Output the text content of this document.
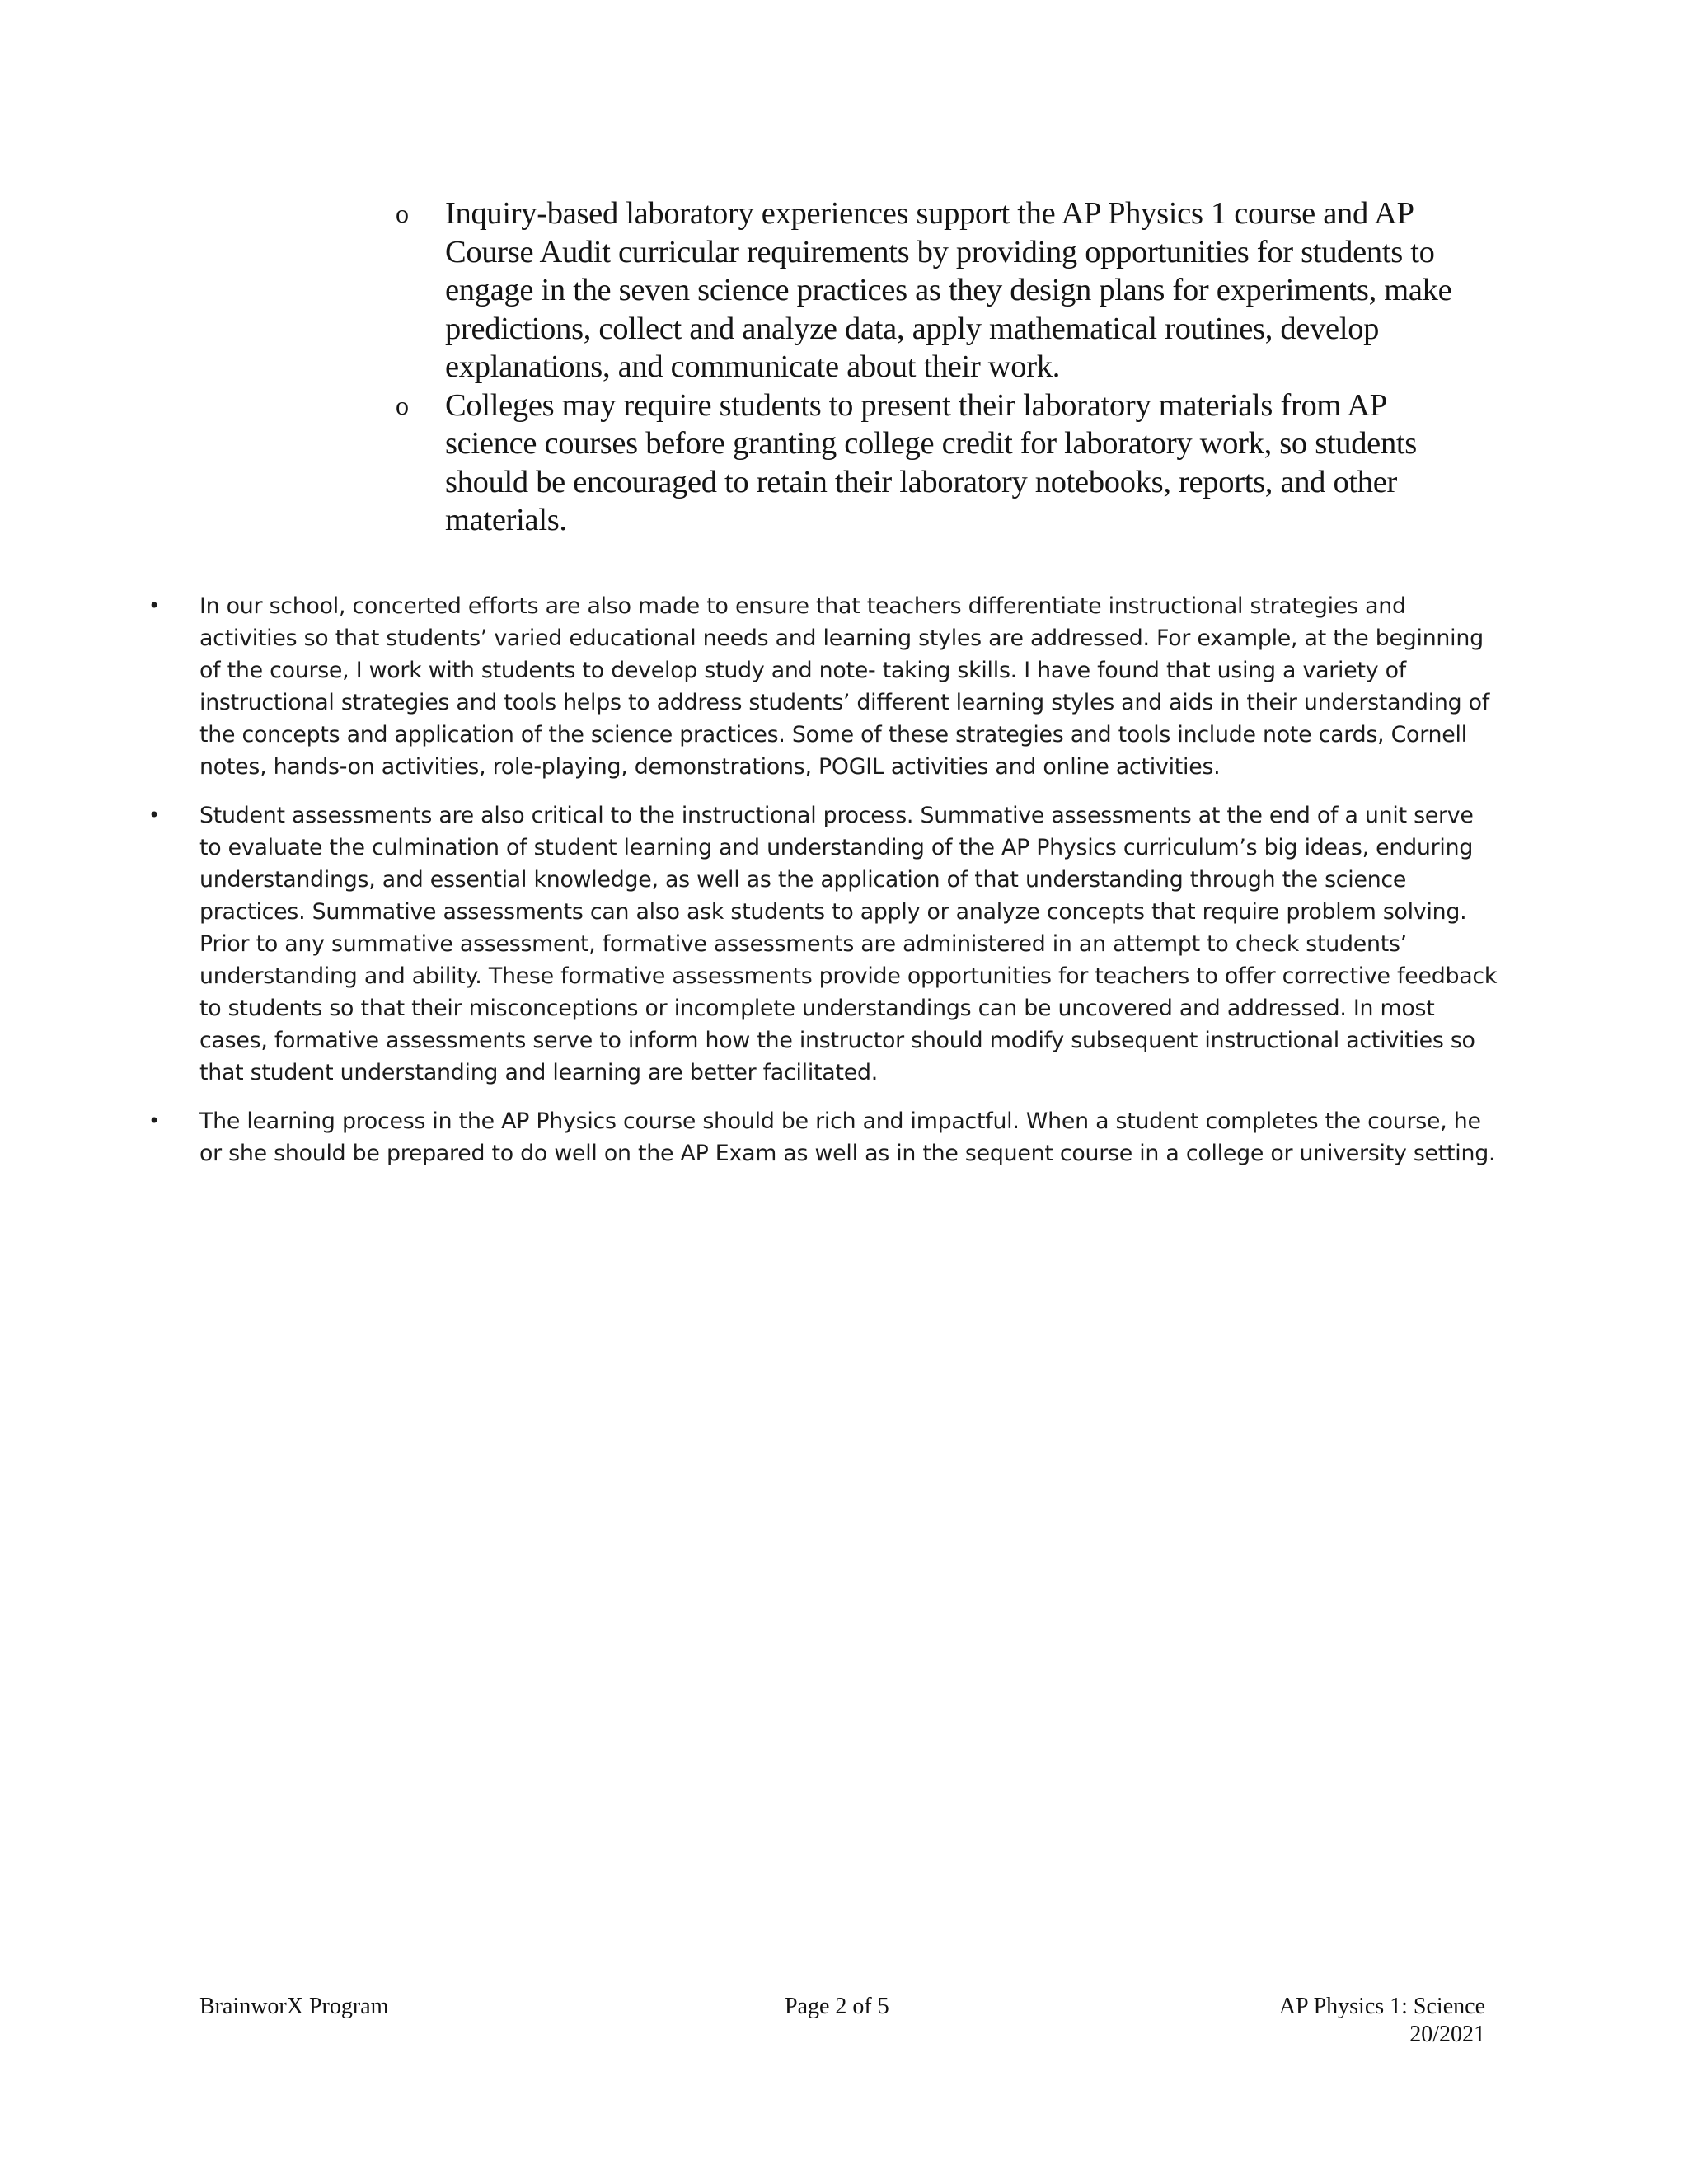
o Inquiry-based laboratory experiences support the AP Physics 1 course and AP Course Audit curricular requirements by providing opportunities for students to engage in the seven science practices as they design plans for experiments, make predictions, collect and analyze data, apply mathematical routines, develop explanations, and communicate about their work.
o Colleges may require students to present their laboratory materials from AP science courses before granting college credit for laboratory work, so students should be encouraged to retain their laboratory notebooks, reports, and other materials.
• In our school, concerted efforts are also made to ensure that teachers differentiate instructional strategies and activities so that students’ varied educational needs and learning styles are addressed. For example, at the beginning of the course, I work with students to develop study and note- taking skills. I have found that using a variety of instructional strategies and tools helps to address students’ different learning styles and aids in their understanding of the concepts and application of the science practices. Some of these strategies and tools include note cards, Cornell notes, hands-on activities, role-playing, demonstrations, POGIL activities and online activities.
• Student assessments are also critical to the instructional process. Summative assessments at the end of a unit serve to evaluate the culmination of student learning and understanding of the AP Physics curriculum’s big ideas, enduring understandings, and essential knowledge, as well as the application of that understanding through the science practices. Summative assessments can also ask students to apply or analyze concepts that require problem solving. Prior to any summative assessment, formative assessments are administered in an attempt to check students’ understanding and ability. These formative assessments provide opportunities for teachers to offer corrective feedback to students so that their misconceptions or incomplete understandings can be uncovered and addressed. In most cases, formative assessments serve to inform how the instructor should modify subsequent instructional activities so that student understanding and learning are better facilitated.
• The learning process in the AP Physics course should be rich and impactful. When a student completes the course, he or she should be prepared to do well on the AP Exam as well as in the sequent course in a college or university setting.
BrainworX Program	Page 2 of 5	AP Physics 1: Science
20/2021
